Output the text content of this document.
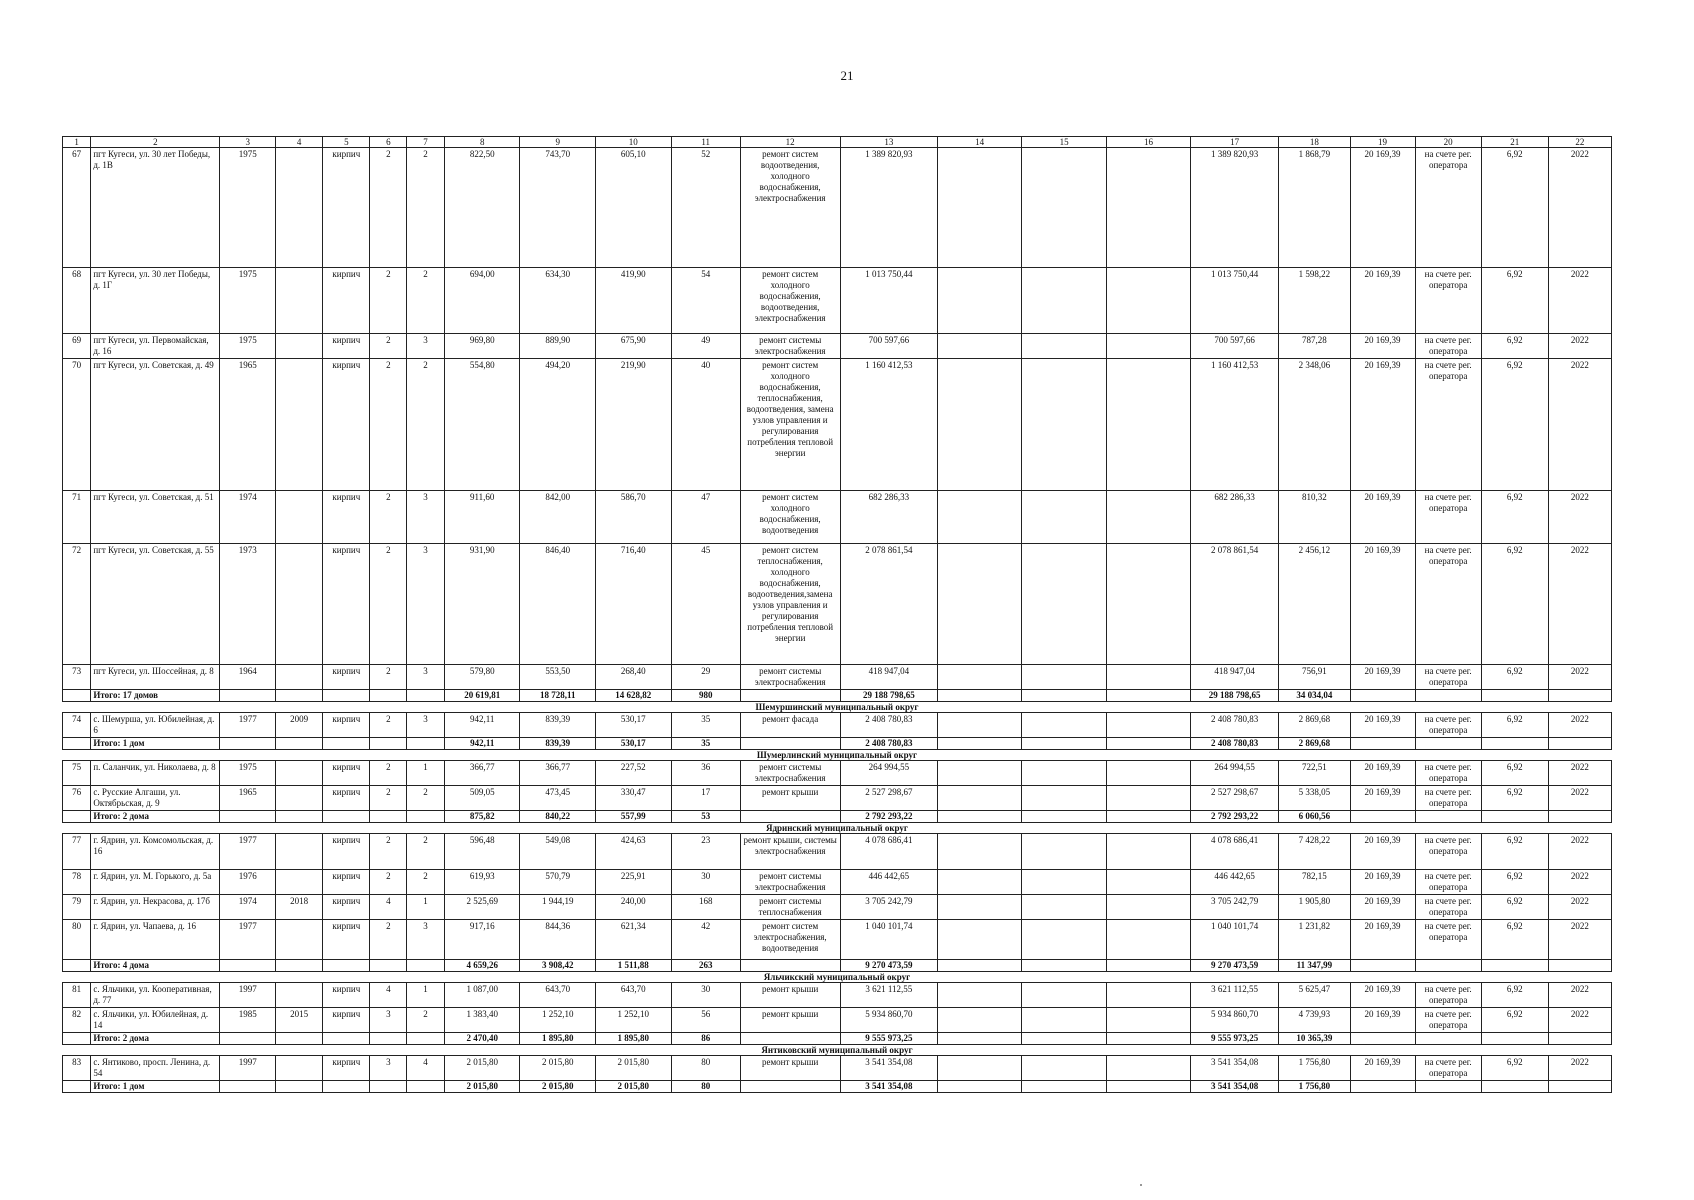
21
1	2	3	4	5	6	7	8	9	10	11	12	13	14	15	16	17	18	19	20	21	22
67	пгт Кугеси, ул. 30 лет Победы, д. 1В	1975		кирпич	2	2	822,50	743,70	605,10	52	ремонт систем водоотведения, холодного водоснабжения, электроснабжения	1 389 820,93				1 389 820,93	1 868,79	20 169,39	на счете рег. оператора	6,92	2022
68	пгт Кугеси, ул. 30 лет Победы, д. 1Г	1975		кирпич	2	2	694,00	634,30	419,90	54	ремонт систем холодного водоснабжения, водоотведения, электроснабжения	1 013 750,44				1 013 750,44	1 598,22	20 169,39	на счете рег. оператора	6,92	2022
69	пгт Кугеси, ул. Первомайская, д. 16	1975		кирпич	2	3	969,80	889,90	675,90	49	ремонт системы электроснабжения	700 597,66				700 597,66	787,28	20 169,39	на счете рег. оператора	6,92	2022
70	пгт Кугеси, ул. Советская, д. 49	1965		кирпич	2	2	554,80	494,20	219,90	40	ремонт систем холодного водоснабжения, теплоснабжения, водоотведения, замена узлов управления и регулирования потребления тепловой энергии	1 160 412,53				1 160 412,53	2 348,06	20 169,39	на счете рег. оператора	6,92	2022
71	пгт Кугеси, ул. Советская, д. 51	1974		кирпич	2	3	911,60	842,00	586,70	47	ремонт систем холодного водоснабжения, водоотведения	682 286,33				682 286,33	810,32	20 169,39	на счете рег. оператора	6,92	2022
72	пгт Кугеси, ул. Советская, д. 55	1973		кирпич	2	3	931,90	846,40	716,40	45	ремонт систем теплоснабжения, холодного водоснабжения, водоотведения,замена узлов управления и регулирования потребления тепловой энергии	2 078 861,54				2 078 861,54	2 456,12	20 169,39	на счете рег. оператора	6,92	2022
73	пгт Кугеси, ул. Шоссейная, д. 8	1964		кирпич	2	3	579,80	553,50	268,40	29	ремонт системы электроснабжения	418 947,04				418 947,04	756,91	20 169,39	на счете рег. оператора	6,92	2022
	Итого: 17 домов						20 619,81	18 728,11	14 628,82	980		29 188 798,65				29 188 798,65	34 034,04				
Шемуршинский муниципальный округ																					
74	с. Шемурша, ул. Юбилейная, д. 6	1977	2009	кирпич	2	3	942,11	839,39	530,17	35	ремонт фасада	2 408 780,83				2 408 780,83	2 869,68	20 169,39	на счете рег. оператора	6,92	2022
	Итого: 1 дом						942,11	839,39	530,17	35		2 408 780,83				2 408 780,83	2 869,68				
Шумерлинский муниципальный округ																					
75	п. Саланчик, ул. Николаева, д. 8	1975		кирпич	2	1	366,77	366,77	227,52	36	ремонт системы электроснабжения	264 994,55				264 994,55	722,51	20 169,39	на счете рег. оператора	6,92	2022
76	с. Русские Алгаши, ул. Октябрьская, д. 9	1965		кирпич	2	2	509,05	473,45	330,47	17	ремонт крыши	2 527 298,67				2 527 298,67	5 338,05	20 169,39	на счете рег. оператора	6,92	2022
	Итого: 2 дома						875,82	840,22	557,99	53		2 792 293,22				2 792 293,22	6 060,56				
Ядринский муниципальный округ																					
77	г. Ядрин, ул. Комсомольская, д. 16	1977		кирпич	2	2	596,48	549,08	424,63	23	ремонт крыши, системы электроснабжения	4 078 686,41				4 078 686,41	7 428,22	20 169,39	на счете рег. оператора	6,92	2022
78	г. Ядрин, ул. М. Горького, д. 5а	1976		кирпич	2	2	619,93	570,79	225,91	30	ремонт системы электроснабжения	446 442,65				446 442,65	782,15	20 169,39	на счете рег. оператора	6,92	2022
79	г. Ядрин, ул. Некрасова, д. 17б	1974	2018	кирпич	4	1	2 525,69	1 944,19	240,00	168	ремонт системы теплоснабжения	3 705 242,79				3 705 242,79	1 905,80	20 169,39	на счете рег. оператора	6,92	2022
80	г. Ядрин, ул. Чапаева, д. 16	1977		кирпич	2	3	917,16	844,36	621,34	42	ремонт систем электроснабжения, водоотведения	1 040 101,74				1 040 101,74	1 231,82	20 169,39	на счете рег. оператора	6,92	2022
	Итого: 4 дома						4 659,26	3 908,42	1 511,88	263		9 270 473,59				9 270 473,59	11 347,99				
Яльчикский муниципальный округ																					
81	с. Яльчики, ул. Кооперативная, д. 77	1997		кирпич	4	1	1 087,00	643,70	643,70	30	ремонт крыши	3 621 112,55				3 621 112,55	5 625,47	20 169,39	на счете рег. оператора	6,92	2022
82	с. Яльчики, ул. Юбилейная, д. 14	1985	2015	кирпич	3	2	1 383,40	1 252,10	1 252,10	56	ремонт крыши	5 934 860,70				5 934 860,70	4 739,93	20 169,39	на счете рег. оператора	6,92	2022
	Итого: 2 дома						2 470,40	1 895,80	1 895,80	86		9 555 973,25				9 555 973,25	10 365,39				
Янтиковский муниципальный округ																					
83	с. Янтиково, просп. Ленина, д. 54	1997		кирпич	3	4	2 015,80	2 015,80	2 015,80	80	ремонт крыши	3 541 354,08				3 541 354,08	1 756,80	20 169,39	на счете рег. оператора	6,92	2022
	Итого: 1 дом						2 015,80	2 015,80	2 015,80	80		3 541 354,08				3 541 354,08	1 756,80				
